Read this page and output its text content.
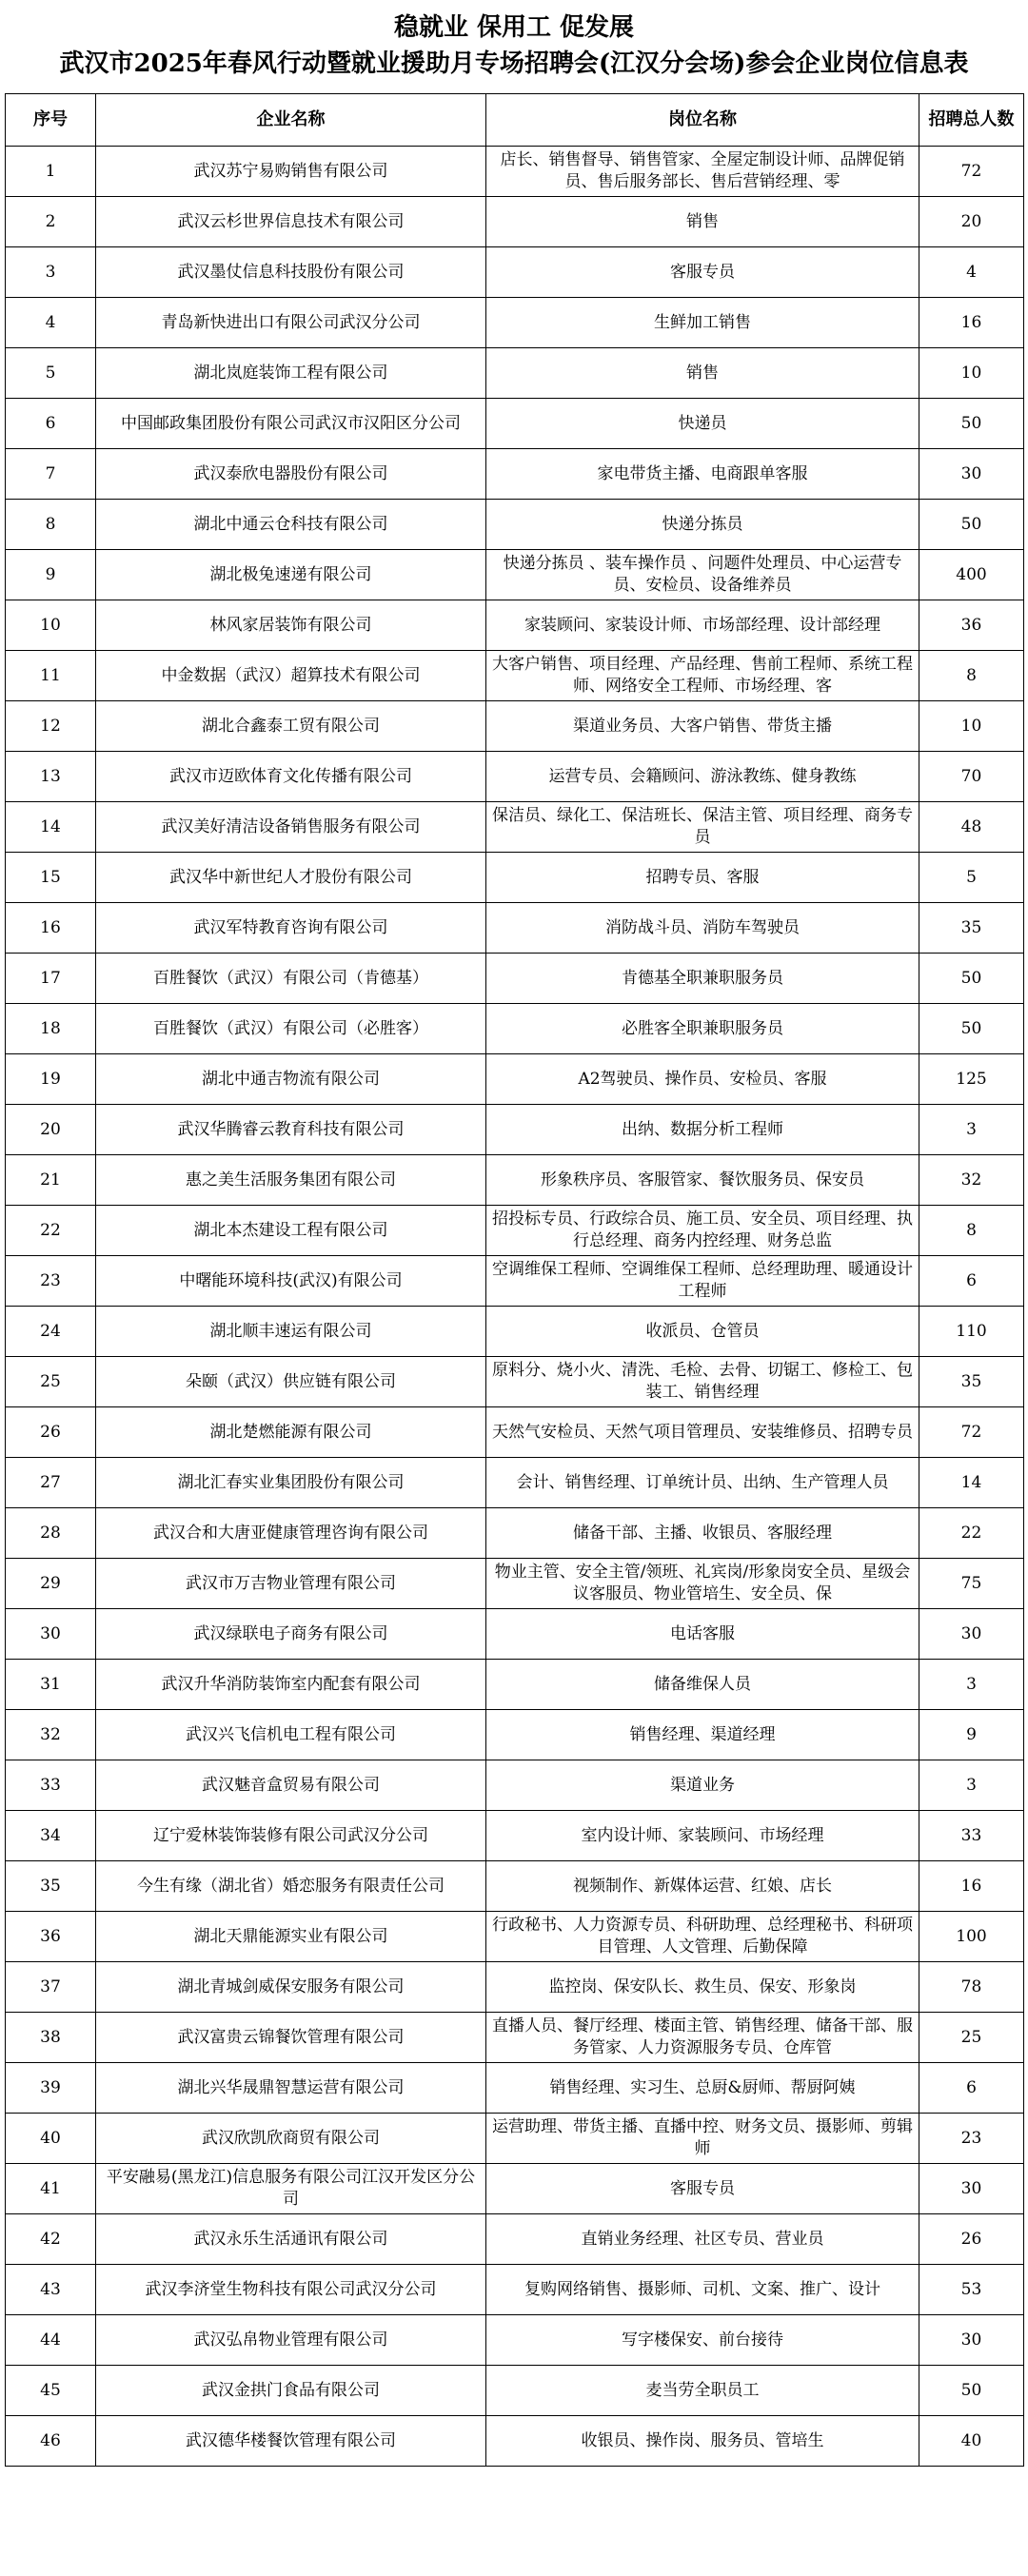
稳就业 保用工 促发展
武汉市2025年春风行动暨就业援助月专场招聘会(江汉分会场)参会企业岗位信息表
序号	企业名称	岗位名称	招聘总人数
1	武汉苏宁易购销售有限公司	店长、销售督导、销售管家、全屋定制设计师、品牌促销员、售后服务部长、售后营销经理、零	72
2	武汉云杉世界信息技术有限公司	销售	20
3	武汉墨仗信息科技股份有限公司	客服专员	4
4	青岛新快进出口有限公司武汉分公司	生鲜加工销售	16
5	湖北岚庭装饰工程有限公司	销售	10
6	中国邮政集团股份有限公司武汉市汉阳区分公司	快递员	50
7	武汉泰欣电器股份有限公司	家电带货主播、电商跟单客服	30
8	湖北中通云仓科技有限公司	快递分拣员	50
9	湖北极兔速递有限公司	快递分拣员 、装车操作员 、问题件处理员、中心运营专员、安检员、设备维养员	400
10	林风家居装饰有限公司	家装顾问、家装设计师、市场部经理、设计部经理	36
11	中金数据（武汉）超算技术有限公司	大客户销售、项目经理、产品经理、售前工程师、系统工程师、网络安全工程师、市场经理、客	8
12	湖北合鑫泰工贸有限公司	渠道业务员、大客户销售、带货主播	10
13	武汉市迈欧体育文化传播有限公司	运营专员、会籍顾问、游泳教练、健身教练	70
14	武汉美好清洁设备销售服务有限公司	保洁员、绿化工、保洁班长、保洁主管、项目经理、商务专员	48
15	武汉华中新世纪人才股份有限公司	招聘专员、客服	5
16	武汉军特教育咨询有限公司	消防战斗员、消防车驾驶员	35
17	百胜餐饮（武汉）有限公司（肯德基）	肯德基全职兼职服务员	50
18	百胜餐饮（武汉）有限公司（必胜客）	必胜客全职兼职服务员	50
19	湖北中通吉物流有限公司	A2驾驶员、操作员、安检员、客服	125
20	武汉华腾睿云教育科技有限公司	出纳、数据分析工程师	3
21	惠之美生活服务集团有限公司	形象秩序员、客服管家、餐饮服务员、保安员	32
22	湖北本杰建设工程有限公司	招投标专员、行政综合员、施工员、安全员、项目经理、执行总经理、商务内控经理、财务总监	8
23	中曙能环境科技(武汉)有限公司	空调维保工程师、空调维保工程师、总经理助理、暖通设计工程师	6
24	湖北顺丰速运有限公司	收派员、仓管员	110
25	朵颐（武汉）供应链有限公司	原料分、烧小火、清洗、毛检、去骨、切锯工、修检工、包装工、销售经理	35
26	湖北楚燃能源有限公司	天然气安检员、天然气项目管理员、安装维修员、招聘专员	72
27	湖北汇春实业集团股份有限公司	会计、销售经理、订单统计员、出纳、生产管理人员	14
28	武汉合和大唐亚健康管理咨询有限公司	储备干部、主播、收银员、客服经理	22
29	武汉市万吉物业管理有限公司	物业主管、安全主管/领班、礼宾岗/形象岗安全员、星级会议客服员、物业管培生、安全员、保	75
30	武汉绿联电子商务有限公司	电话客服	30
31	武汉升华消防装饰室内配套有限公司	储备维保人员	3
32	武汉兴飞信机电工程有限公司	销售经理、渠道经理	9
33	武汉魅音盒贸易有限公司	渠道业务	3
34	辽宁爱林装饰装修有限公司武汉分公司	室内设计师、家装顾问、市场经理	33
35	今生有缘（湖北省）婚恋服务有限责任公司	视频制作、新媒体运营、红娘、店长	16
36	湖北天鼎能源实业有限公司	行政秘书、人力资源专员、科研助理、总经理秘书、科研项目管理、人文管理、后勤保障	100
37	湖北青城剑威保安服务有限公司	监控岗、保安队长、救生员、保安、形象岗	78
38	武汉富贵云锦餐饮管理有限公司	直播人员、餐厅经理、楼面主管、销售经理、储备干部、服务管家、人力资源服务专员、仓库管	25
39	湖北兴华晟鼎智慧运营有限公司	销售经理、实习生、总厨&厨师、帮厨阿姨	6
40	武汉欣凯欣商贸有限公司	运营助理、带货主播、直播中控、财务文员、摄影师、剪辑师	23
41	平安融易(黑龙江)信息服务有限公司江汉开发区分公司	客服专员	30
42	武汉永乐生活通讯有限公司	直销业务经理、社区专员、营业员	26
43	武汉李济堂生物科技有限公司武汉分公司	复购网络销售、摄影师、司机、文案、推广、设计	53
44	武汉弘帛物业管理有限公司	写字楼保安、前台接待	30
45	武汉金拱门食品有限公司	麦当劳全职员工	50
46	武汉德华楼餐饮管理有限公司	收银员、操作岗、服务员、管培生	40
